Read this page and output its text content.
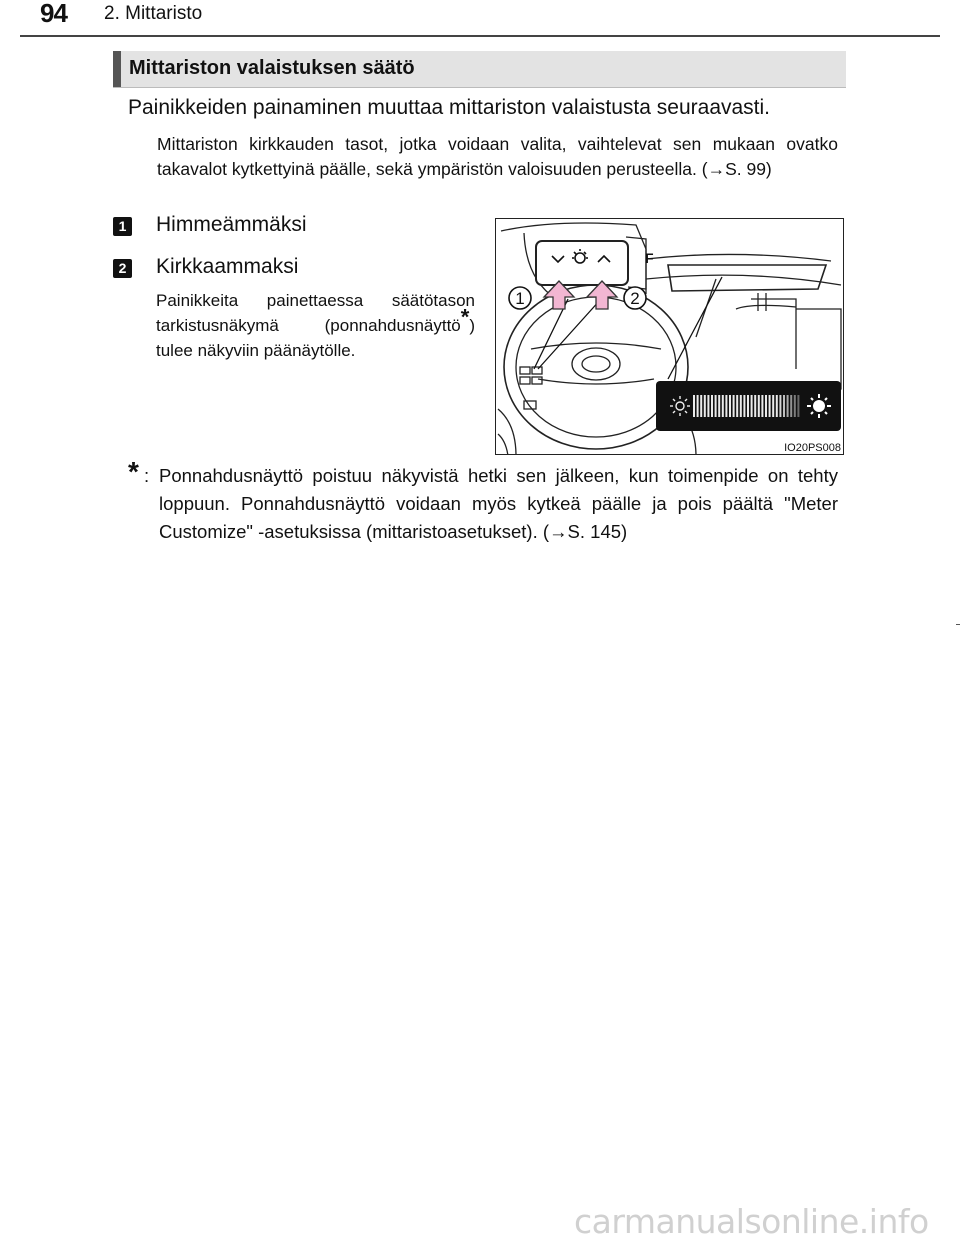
94 2. Mittaristo
Mittariston valaistuksen säätö
Painikkeiden painaminen muuttaa mittariston valaistusta seuraavasti.
Mittariston kirkkauden tasot, jotka voidaan valita, vaihtelevat sen mukaan ovatko takavalot kytkettyinä päälle, sekä ympäristön valoisuuden perusteella. (→S. 99)
1 Himmeämmäksi
2 Kirkkaammaksi
Painikkeita painettaessa säätötason tarkistusnäkymä (ponnahdusnäyttö*) tulee näkyviin päänäytölle.
F
1	2
IO20PS008
* : Ponnahdusnäyttö poistuu näkyvistä hetki sen jälkeen, kun toimenpide on tehty loppuun. Ponnahdusnäyttö voidaan myös kytkeä päälle ja pois päältä "Meter Customize" -asetuksissa (mittaristoasetukset). (→S. 145)
carmanualsonline.info
